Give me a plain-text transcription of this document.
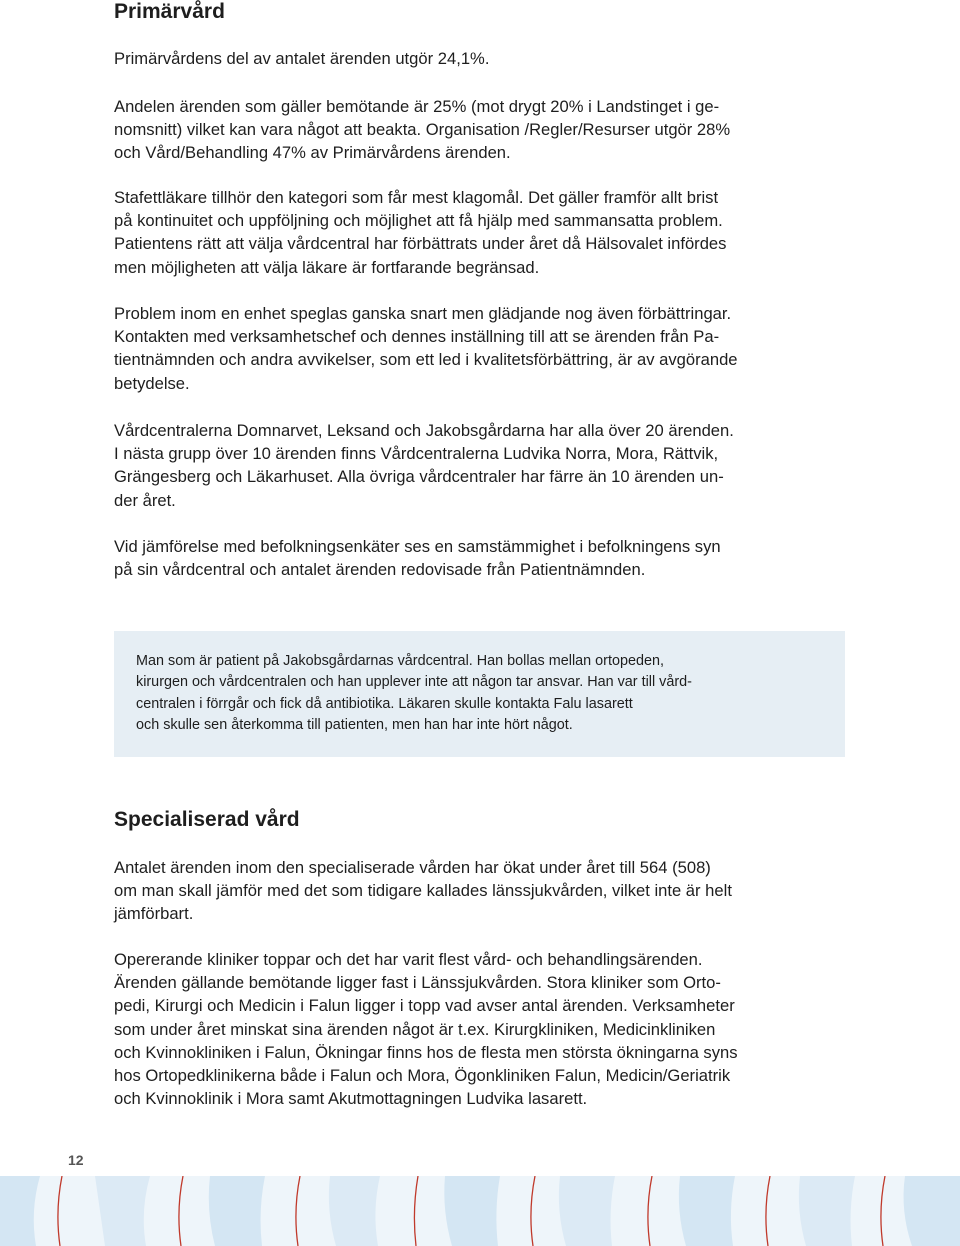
Primärvård

Primärvårdens del av antalet ärenden utgör 24,1%.

Andelen ärenden som gäller bemötande är 25% (mot drygt 20% i Landstinget i ge-
nomsnitt) vilket kan vara något att beakta. Organisation /Regler/Resurser utgör 28%
och Vård/Behandling 47% av Primärvårdens ärenden.

Stafettläkare tillhör den kategori som får mest klagomål. Det gäller framför allt brist
på kontinuitet och uppföljning och möjlighet att få hjälp med sammansatta problem.
Patientens rätt att välja vårdcentral har förbättrats under året då Hälsovalet infördes
men möjligheten att välja läkare är fortfarande begränsad.

Problem inom en enhet speglas ganska snart men glädjande nog även förbättringar.
Kontakten med verksamhetschef och dennes inställning till att se ärenden från Pa-
tientnämnden och andra avvikelser, som ett led i kvalitetsförbättring, är av avgörande
betydelse.

Vårdcentralerna Domnarvet, Leksand och Jakobsgårdarna har alla över 20 ärenden.
I nästa grupp över 10 ärenden finns Vårdcentralerna Ludvika Norra, Mora, Rättvik,
Grängesberg och Läkarhuset. Alla övriga vårdcentraler har färre än 10 ärenden un-
der året.

Vid jämförelse med befolkningsenkäter ses en samstämmighet i befolkningens syn
på sin vårdcentral och antalet ärenden redovisade från Patientnämnden.

Man som är patient på Jakobsgårdarnas vårdcentral. Han bollas mellan ortopeden,
kirurgen och vårdcentralen och han upplever inte att någon tar ansvar. Han var till vård-
centralen i förrgår och fick då antibiotika. Läkaren skulle kontakta Falu lasarett
och skulle sen återkomma till patienten, men han har inte hört något.
Specialiserad vård

Antalet ärenden inom den specialiserade vården har ökat under året till 564 (508)
om man skall jämför med det som tidigare kallades länssjukvården, vilket inte är helt
jämförbart.

Opererande kliniker toppar och det har varit flest vård- och behandlingsärenden.
Ärenden gällande bemötande ligger fast i Länssjukvården. Stora kliniker som Orto-
pedi, Kirurgi och Medicin i Falun ligger i topp vad avser antal ärenden. Verksamheter
som under året minskat sina ärenden något är t.ex. Kirurgkliniken, Medicinkliniken
och Kvinnokliniken i Falun, Ökningar finns hos de flesta men största ökningarna syns
hos Ortopedklinikerna både i Falun och Mora, Ögonkliniken Falun, Medicin/Geriatrik
och Kvinnoklinik i Mora samt Akutmottagningen Ludvika lasarett.

12
